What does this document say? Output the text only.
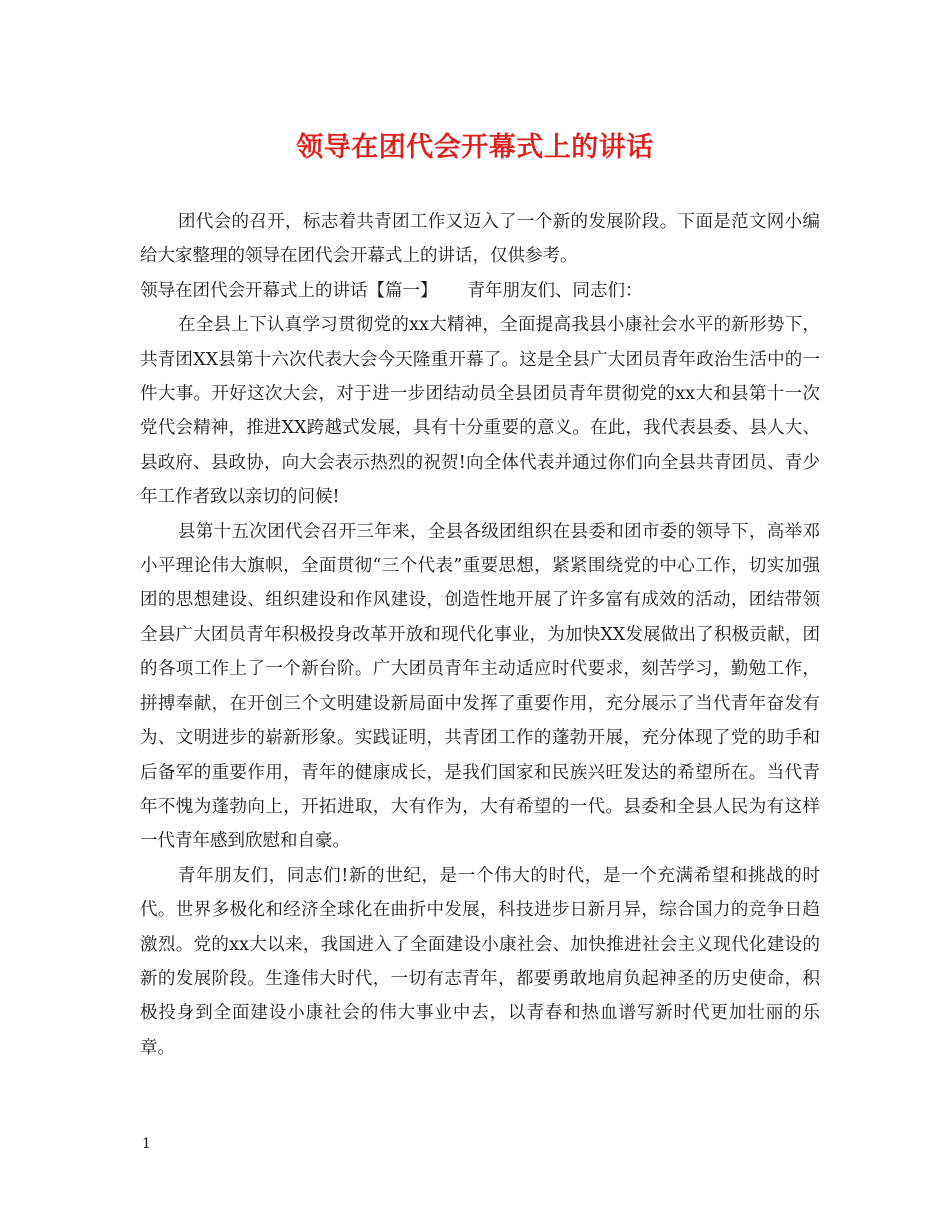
领导在团代会开幕式上的讲话

团代会的召开，标志着共青团工作又迈入了一个新的发展阶段。下面是范文网小编给大家整理的领导在团代会开幕式上的讲话，仅供参考。

领导在团代会开幕式上的讲话【篇一】 青年朋友们、同志们：

在全县上下认真学习贯彻党的xx大精神，全面提高我县小康社会水平的新形势下，共青团XX县第十六次代表大会今天隆重开幕了。这是全县广大团员青年政治生活中的一件大事。开好这次大会，对于进一步团结动员全县团员青年贯彻党的xx大和县第十一次党代会精神，推进XX跨越式发展，具有十分重要的意义。在此，我代表县委、县人大、县政府、县政协，向大会表示热烈的祝贺!向全体代表并通过你们向全县共青团员、青少年工作者致以亲切的问候!

县第十五次团代会召开三年来，全县各级团组织在县委和团市委的领导下，高举邓小平理论伟大旗帜，全面贯彻“三个代表”重要思想，紧紧围绕党的中心工作，切实加强团的思想建设、组织建设和作风建设，创造性地开展了许多富有成效的活动，团结带领全县广大团员青年积极投身改革开放和现代化事业，为加快XX发展做出了积极贡献，团的各项工作上了一个新台阶。广大团员青年主动适应时代要求，刻苦学习，勤勉工作，拼搏奉献，在开创三个文明建设新局面中发挥了重要作用，充分展示了当代青年奋发有为、文明进步的崭新形象。实践证明，共青团工作的蓬勃开展，充分体现了党的助手和后备军的重要作用，青年的健康成长，是我们国家和民族兴旺发达的希望所在。当代青年不愧为蓬勃向上，开拓进取，大有作为，大有希望的一代。县委和全县人民为有这样一代青年感到欣慰和自豪。

青年朋友们，同志们!新的世纪，是一个伟大的时代，是一个充满希望和挑战的时代。世界多极化和经济全球化在曲折中发展，科技进步日新月异，综合国力的竞争日趋激烈。党的xx大以来，我国进入了全面建设小康社会、加快推进社会主义现代化建设的新的发展阶段。生逢伟大时代，一切有志青年，都要勇敢地肩负起神圣的历史使命，积极投身到全面建设小康社会的伟大事业中去，以青春和热血谱写新时代更加壮丽的乐章。

1
